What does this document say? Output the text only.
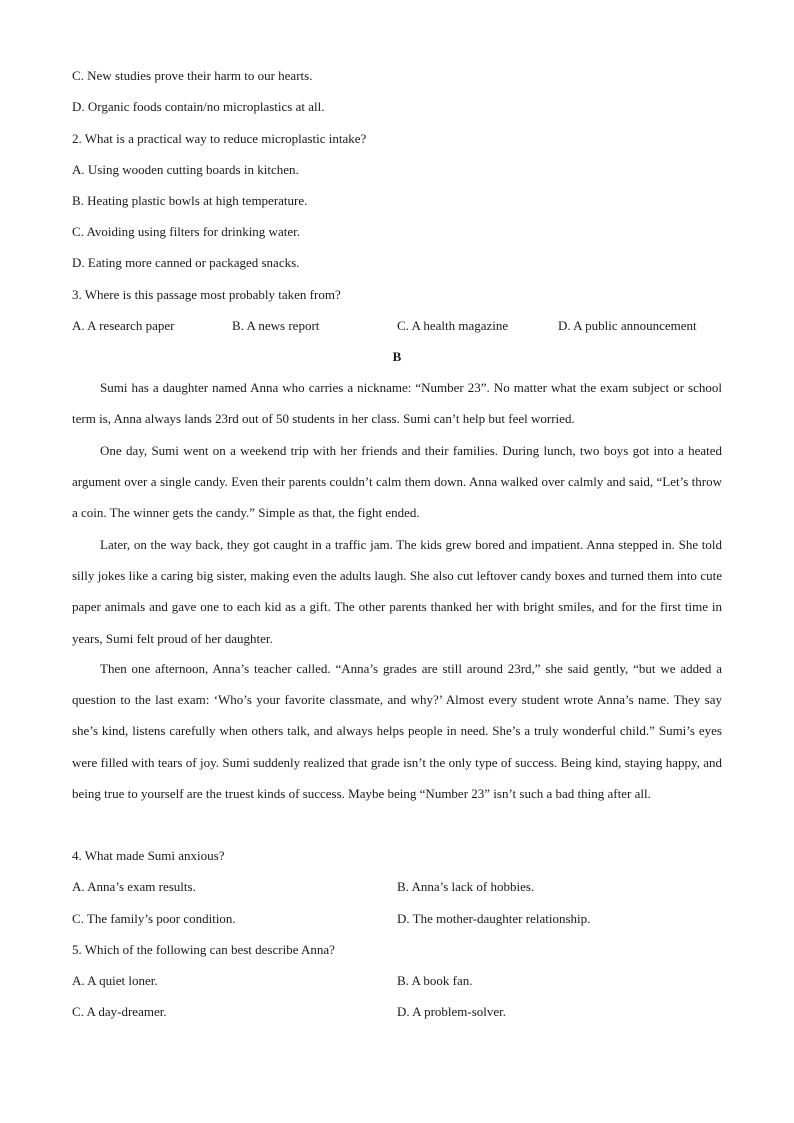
C. New studies prove their harm to our hearts.
D. Organic foods contain/no microplastics at all.
2. What is a practical way to reduce microplastic intake?
A. Using wooden cutting boards in kitchen.
B. Heating plastic bowls at high temperature.
C. Avoiding using filters for drinking water.
D. Eating more canned or packaged snacks.
3. Where is this passage most probably taken from?
A. A research paper	B. A news report	C. A health magazine	D. A public announcement
B
Sumi has a daughter named Anna who carries a nickname: “Number 23”. No matter what the exam subject or school term is, Anna always lands 23rd out of 50 students in her class. Sumi can’t help but feel worried.
One day, Sumi went on a weekend trip with her friends and their families. During lunch, two boys got into a heated argument over a single candy. Even their parents couldn’t calm them down. Anna walked over calmly and said, “Let’s throw a coin. The winner gets the candy.” Simple as that, the fight ended.
Later, on the way back, they got caught in a traffic jam. The kids grew bored and impatient. Anna stepped in. She told silly jokes like a caring big sister, making even the adults laugh. She also cut leftover candy boxes and turned them into cute paper animals and gave one to each kid as a gift. The other parents thanked her with bright smiles, and for the first time in years, Sumi felt proud of her daughter.
Then one afternoon, Anna’s teacher called. “Anna’s grades are still around 23rd,” she said gently, “but we added a question to the last exam: ‘Who’s your favorite classmate, and why?’ Almost every student wrote Anna’s name. They say she’s kind, listens carefully when others talk, and always helps people in need. She’s a truly wonderful child.” Sumi’s eyes were filled with tears of joy. Sumi suddenly realized that grade isn’t the only type of success. Being kind, staying happy, and being true to yourself are the truest kinds of success. Maybe being “Number 23” isn’t such a bad thing after all.
4. What made Sumi anxious?
A. Anna’s exam results.	B. Anna’s lack of hobbies.
C. The family’s poor condition.	D. The mother-daughter relationship.
5. Which of the following can best describe Anna?
A. A quiet loner.	B. A book fan.
C. A day-dreamer.	D. A problem-solver.
